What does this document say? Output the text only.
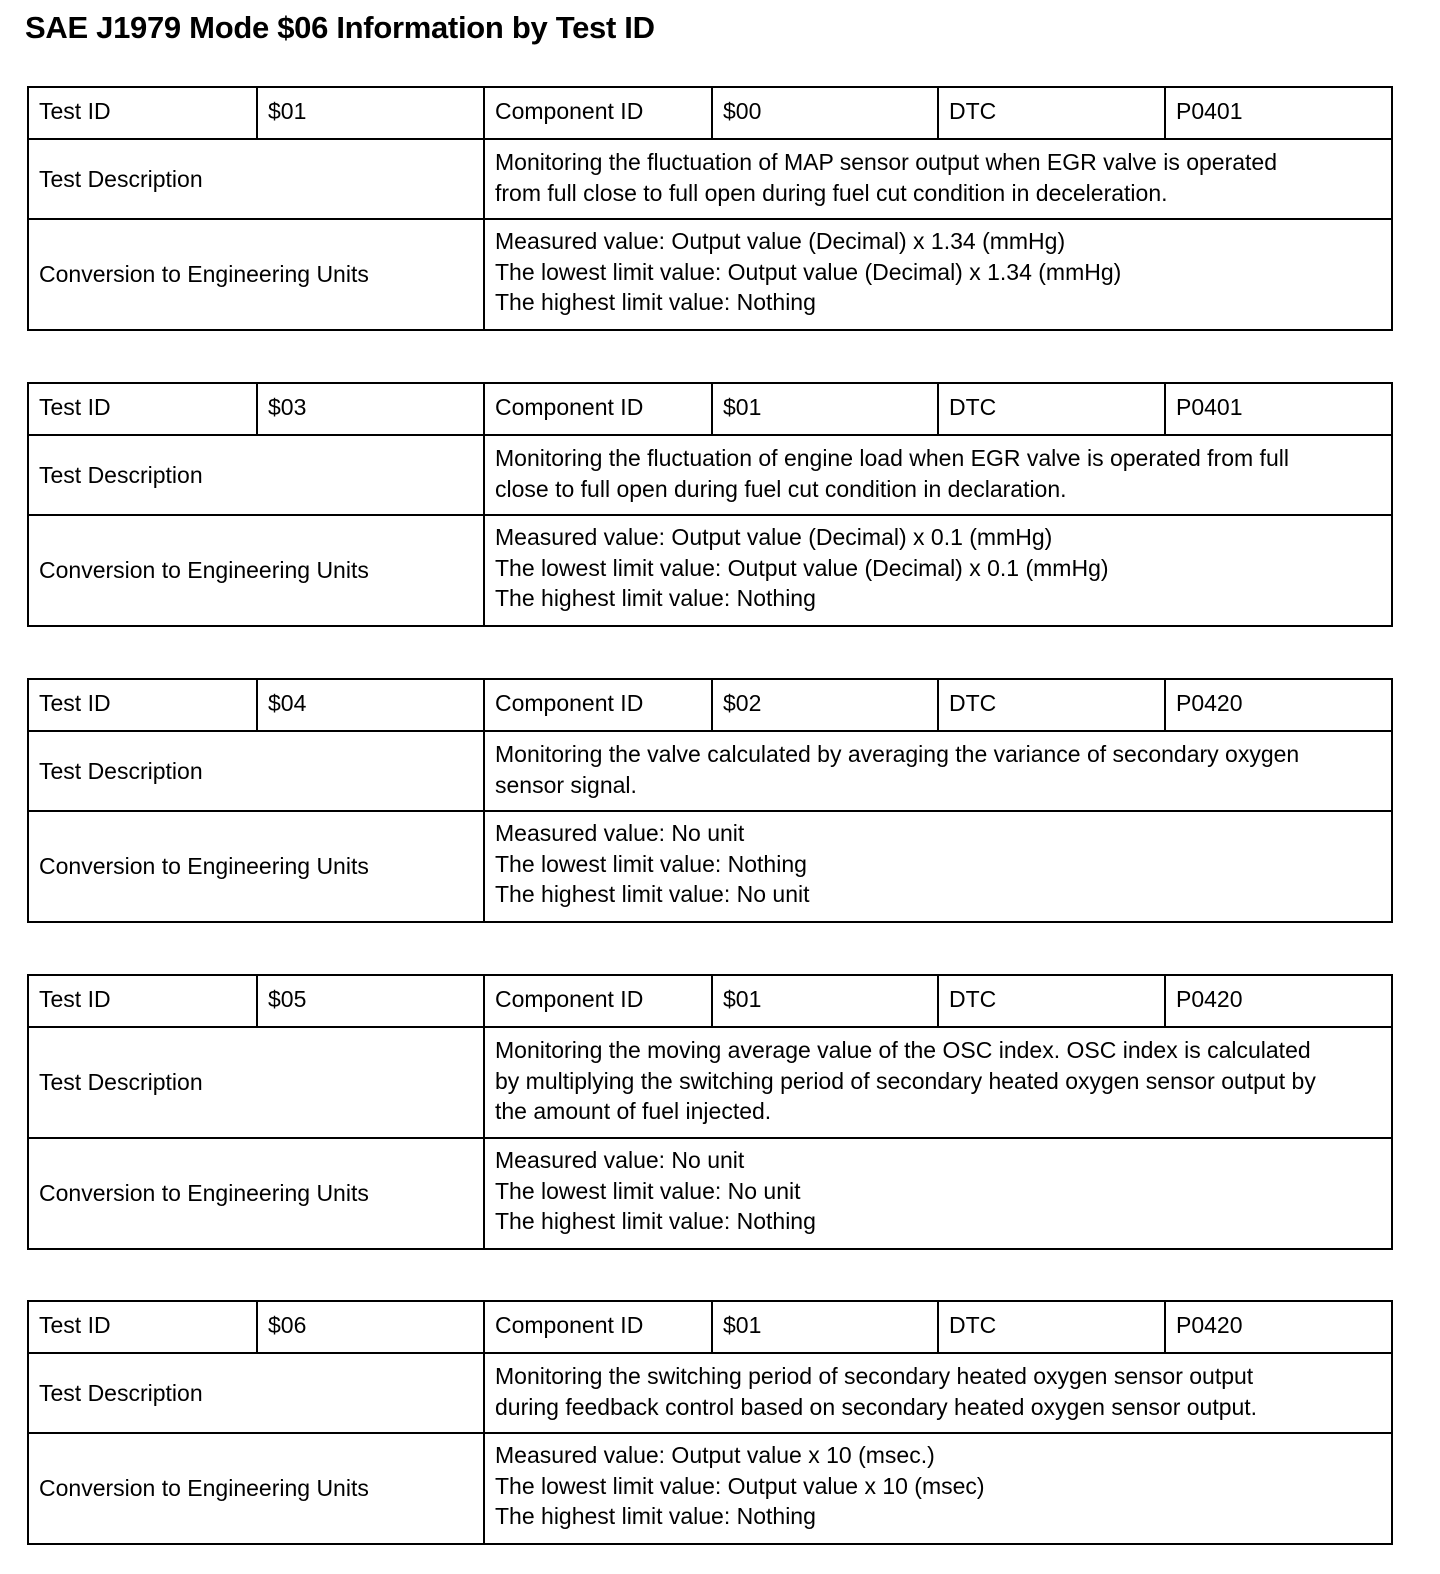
SAE J1979 Mode $06 Information by Test ID
Test ID	$01	Component ID	$00	DTC	P0401
Test Description		Monitoring the fluctuation of MAP sensor output when EGR valve is operated
from full close to full open during fuel cut condition in deceleration.			

Conversion to Engineering Units		Measured value: Output value (Decimal) x 1.34 (mmHg)
The lowest limit value: Output value (Decimal) x 1.34 (mmHg)
The highest limit value: Nothing			
Test ID	$03	Component ID	$01	DTC	P0401
Test Description		Monitoring the fluctuation of engine load when EGR valve is operated from full
close to full open during fuel cut condition in declaration.			

Conversion to Engineering Units		Measured value: Output value (Decimal) x 0.1 (mmHg)
The lowest limit value: Output value (Decimal) x 0.1 (mmHg)
The highest limit value: Nothing			
Test ID	$04	Component ID	$02	DTC	P0420
Test Description		Monitoring the valve calculated by averaging the variance of secondary oxygen
sensor signal.			

Conversion to Engineering Units		Measured value: No unit
The lowest limit value: Nothing
The highest limit value: No unit			
Test ID	$05	Component ID	$01	DTC	P0420
Test Description		Monitoring the moving average value of the OSC index. OSC index is calculated
by multiplying the switching period of secondary heated oxygen sensor output by
the amount of fuel injected.			

Conversion to Engineering Units		Measured value: No unit
The lowest limit value: No unit
The highest limit value: Nothing			
Test ID	$06	Component ID	$01	DTC	P0420
Test Description		Monitoring the switching period of secondary heated oxygen sensor output
during feedback control based on secondary heated oxygen sensor output.			

Conversion to Engineering Units		Measured value: Output value x 10 (msec.)
The lowest limit value: Output value x 10 (msec)
The highest limit value: Nothing			
